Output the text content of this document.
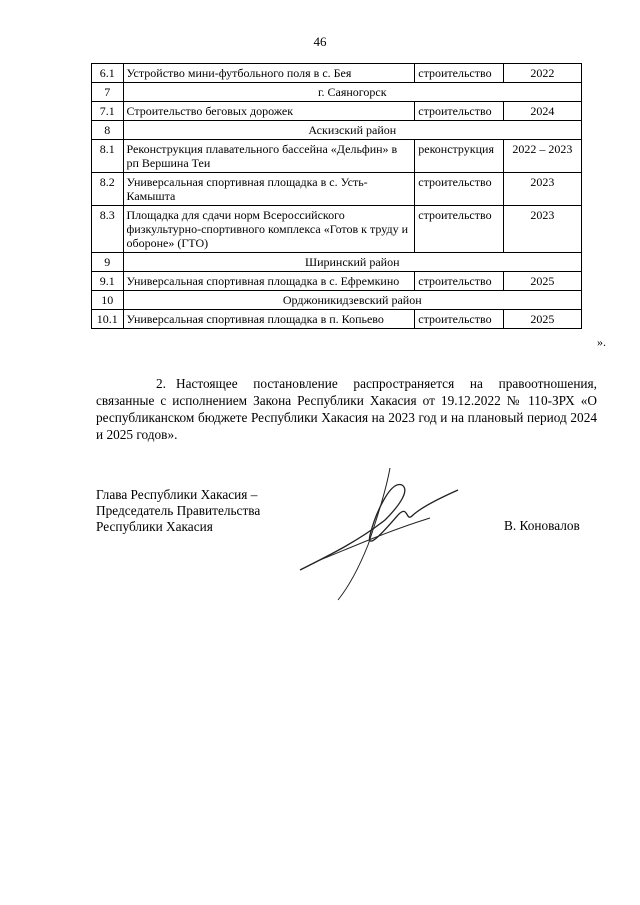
46
6.1	Устройство мини-футбольного поля в с. Бея	строительство	2022
7	г. Саяногорск		
7.1	Строительство беговых дорожек	строительство	2024
8	Аскизский район		
8.1	Реконструкция плавательного бассейна «Дельфин» в рп Вершина Теи	реконструкция	2022 – 2023
8.2	Универсальная спортивная площадка в с. Усть-Камышта	строительство	2023
8.3	Площадка для сдачи норм Всероссийского физкультурно-спортивного комплекса «Готов к труду и обороне» (ГТО)	строительство	2023
9	Ширинский район		
9.1	Универсальная спортивная площадка в с. Ефремкино	строительство	2025
10	Орджоникидзевский район		
10.1	Универсальная спортивная площадка в п. Копьево	строительство	2025
».
2. Настоящее постановление распространяется на правоотношения, связанные с исполнением Закона Республики Хакасия от 19.12.2022 № 110-ЗРХ «О республиканском бюджете Республики Хакасия на 2023 год и на плановый период 2024 и 2025 годов».
Глава Республики Хакасия –
Председатель Правительства
Республики Хакасия	В. Коновалов
